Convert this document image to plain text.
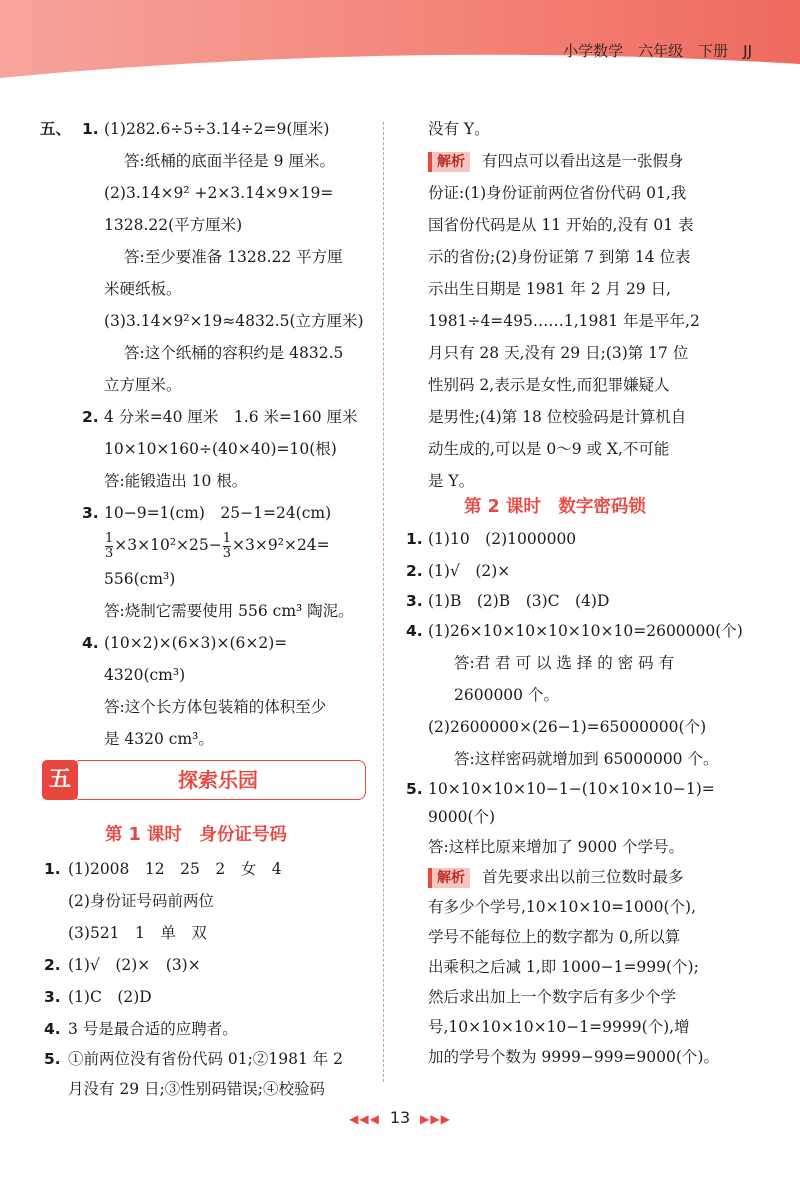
小学数学　六年级　下册　JJ
五、 1. (1)282.6÷5÷3.14÷2=9(厘米)
答:纸桶的底面半径是 9 厘米。
(2)3.14×9² +2×3.14×9×19=
1328.22(平方厘米)
答:至少要准备 1328.22 平方厘
米硬纸板。
(3)3.14×9²×19≈4832.5(立方厘米)
答:这个纸桶的容积约是 4832.5
立方厘米。
2. 4 分米=40 厘米　1.6 米=160 厘米
10×10×160÷(40×40)=10(根)
答:能锻造出 10 根。
3. 10−9=1(cm)　25−1=24(cm)
$\frac{1}{3} \times 3\times 10^2\times 25- \frac{1}{3} \times 3\times 9^2\times 24=$
556(cm³)
答:烧制它需要使用 556 cm³ 陶泥。
4. (10×2)×(6×3)×(6×2)=
4320(cm³)
答:这个长方体包装箱的体积至少
是 4320 cm³。
五	探索乐园
第 1 课时　身份证号码
1. (1)2008　12　25　2　女　4
(2)身份证号码前两位
(3)521　1　单　双
2. (1)√　(2)×　(3)×
3. (1)C　(2)D
4. 3 号是最合适的应聘者。
5. ①前两位没有省份代码 01;②1981 年 2
月没有 29 日;③性别码错误;④校验码
没有 Y。
解析 有四点可以看出这是一张假身
份证:(1)身份证前两位省份代码 01,我
国省份代码是从 11 开始的,没有 01 表
示的省份;(2)身份证第 7 到第 14 位表
示出生日期是 1981 年 2 月 29 日,
1981÷4=495……1,1981 年是平年,2
月只有 28 天,没有 29 日;(3)第 17 位
性别码 2,表示是女性,而犯罪嫌疑人
是男性;(4)第 18 位校验码是计算机自
动生成的,可以是 0～9 或 X,不可能
是 Y。
第 2 课时　数字密码锁
1. (1)10　(2)1000000
2. (1)√　(2)×
3. (1)B　(2)B　(3)C　(4)D
4. (1)26×10×10×10×10×10=2600000(个)
答:君 君 可 以 选 择 的 密 码 有
2600000 个。
(2)2600000×(26−1)=65000000(个)
答:这样密码就增加到 65000000 个。
5. 10×10×10×10−1−(10×10×10−1)=
9000(个)
答:这样比原来增加了 9000 个学号。
解析 首先要求出以前三位数时最多
有多少个学号,10×10×10=1000(个),
学号不能每位上的数字都为 0,所以算
出乘积之后减 1,即 1000−1=999(个);
然后求出加上一个数字后有多少个学
号,10×10×10×10−1=9999(个),增
加的学号个数为 9999−999=9000(个)。
◀◀◀ 13 ▶▶▶
